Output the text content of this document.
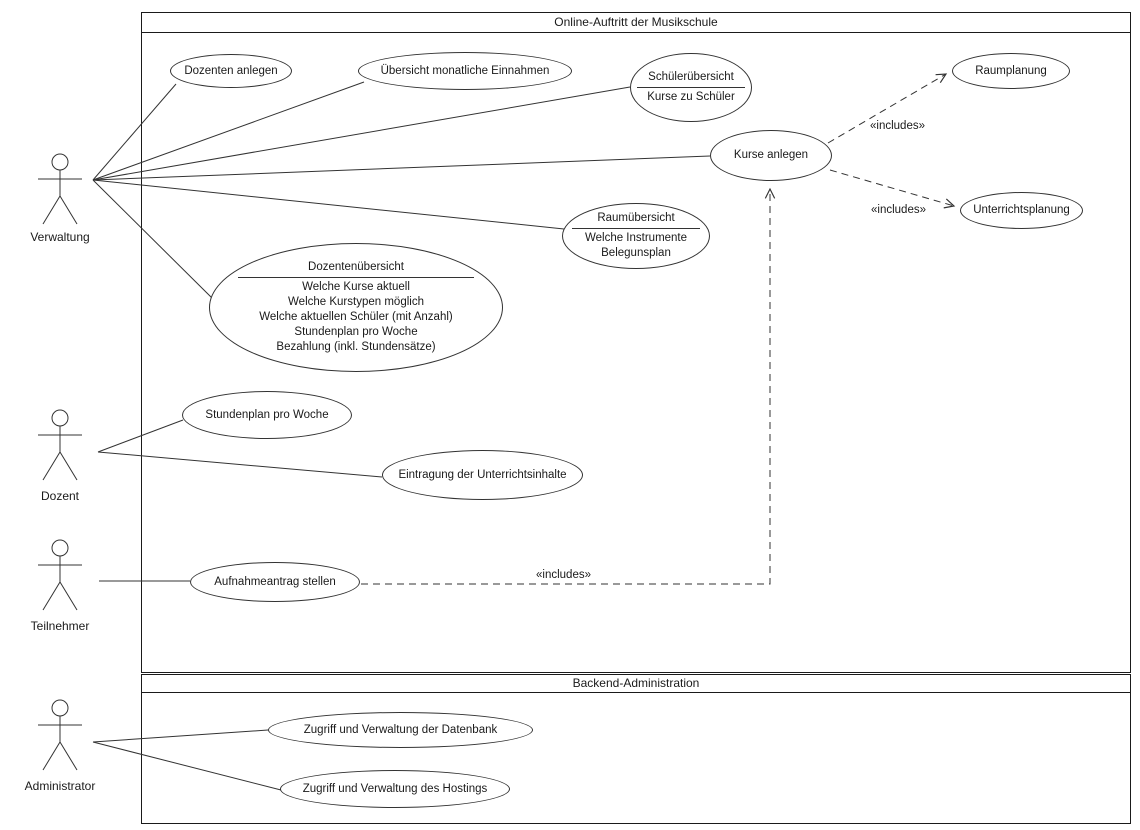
Online-Auftritt der Musikschule
Backend-Administration
Verwaltung
Dozent
Teilnehmer
Administrator
Dozenten anlegen	Übersicht monatliche Einnahmen
Schülerübersicht
Kurse zu Schüler
Kurse anlegen
Raumplanung
Unterrichtsplanung
Raumübersicht
Welche Instrumente
Belegunsplan
Dozentenübersicht
Welche Kurse aktuell
Welche Kurstypen möglich
Welche aktuellen Schüler (mit Anzahl)
Stundenplan pro Woche
Bezahlung (inkl. Stundensätze)
Stundenplan pro Woche
Eintragung der Unterrichtsinhalte
Aufnahmeantrag stellen
Zugriff und Verwaltung der Datenbank
Zugriff und Verwaltung des Hostings
«includes»
«includes»
«includes»
